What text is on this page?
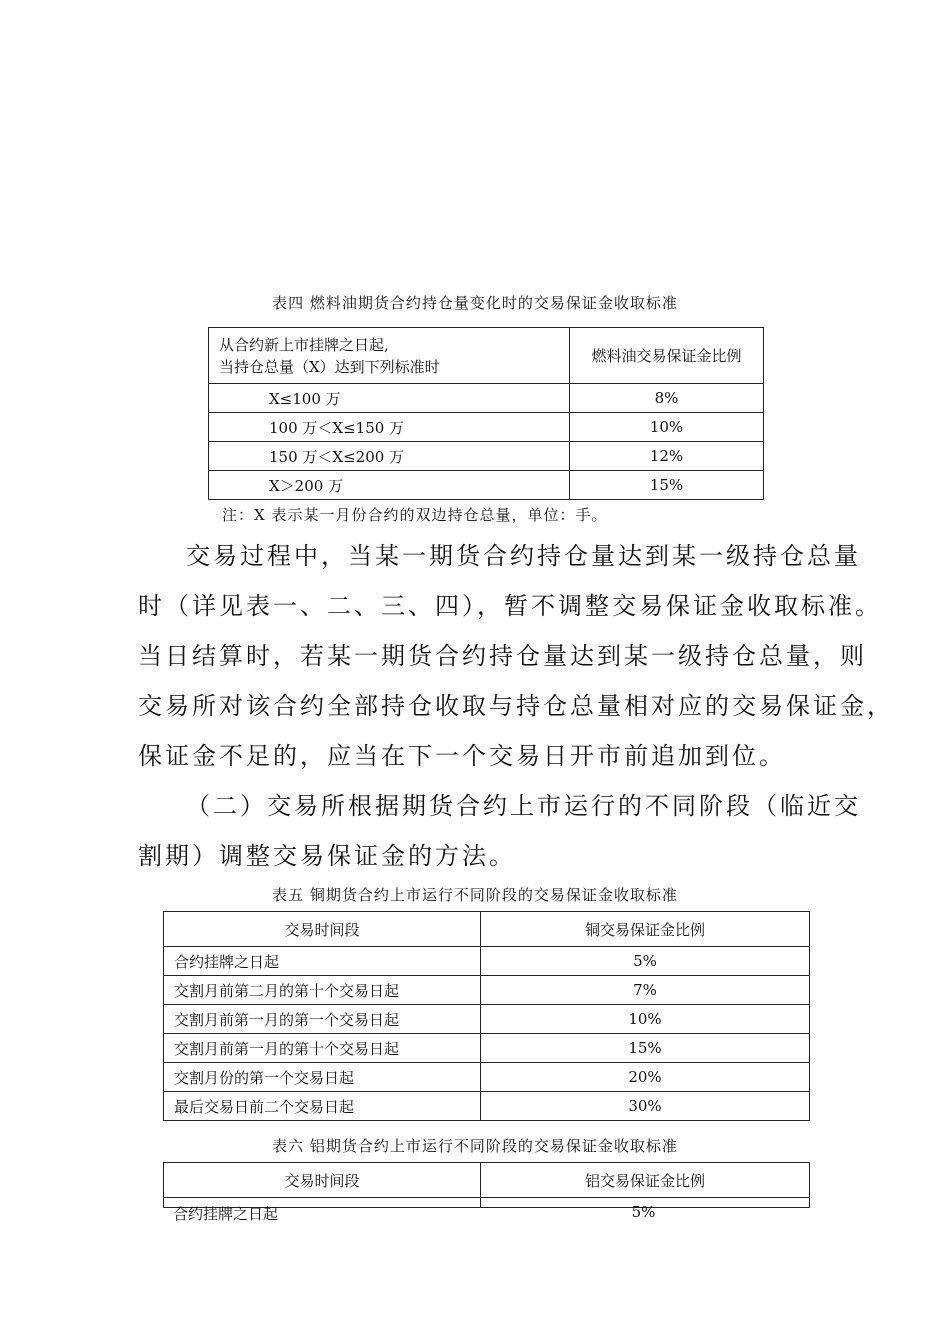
表四 燃料油期货合约持仓量变化时的交易保证金收取标准
从合约新上市挂牌之日起,
当持仓总量（X）达到下列标准时	燃料油交易保证金比例
X≤100 万	8%
100 万＜X≤150 万	10%
150 万＜X≤200 万	12%
X＞200 万	15%
注：X 表示某一月份合约的双边持仓总量，单位：手。
交易过程中，当某一期货合约持仓量达到某一级持仓总量
时（详见表一、二、三、四），暂不调整交易保证金收取标准。
当日结算时，若某一期货合约持仓量达到某一级持仓总量，则
交易所对该合约全部持仓收取与持仓总量相对应的交易保证金，
保证金不足的，应当在下一个交易日开市前追加到位。
（二）交易所根据期货合约上市运行的不同阶段（临近交
割期）调整交易保证金的方法。
表五 铜期货合约上市运行不同阶段的交易保证金收取标准
交易时间段	铜交易保证金比例
合约挂牌之日起	5%
交割月前第二月的第十个交易日起	7%
交割月前第一月的第一个交易日起	10%
交割月前第一月的第十个交易日起	15%
交割月份的第一个交易日起	20%
最后交易日前二个交易日起	30%
表六 铝期货合约上市运行不同阶段的交易保证金收取标准
交易时间段	铝交易保证金比例

合约挂牌之日起	5%
